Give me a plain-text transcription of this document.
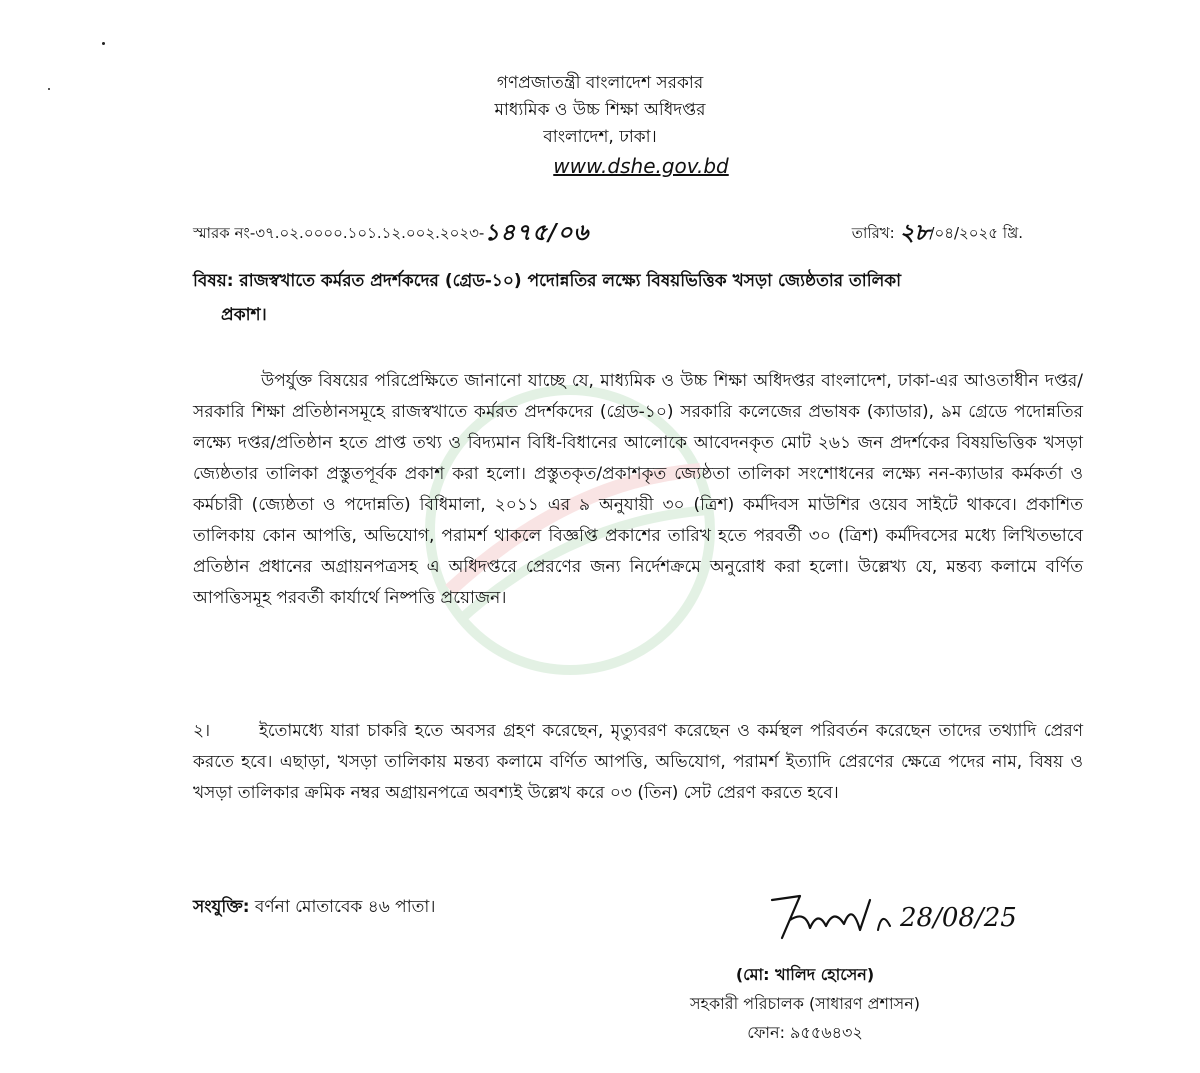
গণপ্রজাতন্ত্রী বাংলাদেশ সরকার
মাধ্যমিক ও উচ্চ শিক্ষা অধিদপ্তর
বাংলাদেশ, ঢাকা।
www.dshe.gov.bd
স্মারক নং-৩৭.০২.০০০০.১০১.১২.০০২.২০২৩-১৪৭৫/০৬	তারিখ: ২৮/০৪/২০২৫ খ্রি.
বিষয়: রাজস্বখাতে কর্মরত প্রদর্শকদের (গ্রেড-১০) পদোন্নতির লক্ষ্যে বিষয়ভিত্তিক খসড়া জ্যেষ্ঠতার তালিকা
প্রকাশ।
উপর্যুক্ত বিষয়ের পরিপ্রেক্ষিতে জানানো যাচ্ছে যে, মাধ্যমিক ও উচ্চ শিক্ষা অধিদপ্তর বাংলাদেশ, ঢাকা-এর আওতাধীন দপ্তর/সরকারি শিক্ষা প্রতিষ্ঠানসমূহে রাজস্বখাতে কর্মরত প্রদর্শকদের (গ্রেড-১০) সরকারি কলেজের প্রভাষক (ক্যাডার), ৯ম গ্রেডে পদোন্নতির লক্ষ্যে দপ্তর/প্রতিষ্ঠান হতে প্রাপ্ত তথ্য ও বিদ্যমান বিধি-বিধানের আলোকে আবেদনকৃত মোট ২৬১ জন প্রদর্শকের বিষয়ভিত্তিক খসড়া জ্যেষ্ঠতার তালিকা প্রস্তুতপূর্বক প্রকাশ করা হলো। প্রস্তুতকৃত/প্রকাশকৃত জ্যেষ্ঠতা তালিকা সংশোধনের লক্ষ্যে নন-ক্যাডার কর্মকর্তা ও কর্মচারী (জ্যেষ্ঠতা ও পদোন্নতি) বিধিমালা, ২০১১ এর ৯ অনুযায়ী ৩০ (ত্রিশ) কর্মদিবস মাউশির ওয়েব সাইটে থাকবে। প্রকাশিত তালিকায় কোন আপত্তি, অভিযোগ, পরামর্শ থাকলে বিজ্ঞপ্তি প্রকাশের তারিখ হতে পরবর্তী ৩০ (ত্রিশ) কর্মদিবসের মধ্যে লিখিতভাবে প্রতিষ্ঠান প্রধানের অগ্রায়নপত্রসহ এ অধিদপ্তরে প্রেরণের জন্য নির্দেশক্রমে অনুরোধ করা হলো। উল্লেখ্য যে, মন্তব্য কলামে বর্ণিত আপত্তিসমূহ পরবর্তী কার্যার্থে নিষ্পত্তি প্রয়োজন।
২।	ইতোমধ্যে যারা চাকরি হতে অবসর গ্রহণ করেছেন, মৃত্যুবরণ করেছেন ও কর্মস্থল পরিবর্তন করেছেন তাদের তথ্যাদি প্রেরণ করতে হবে। এছাড়া, খসড়া তালিকায় মন্তব্য কলামে বর্ণিত আপত্তি, অভিযোগ, পরামর্শ ইত্যাদি প্রেরণের ক্ষেত্রে পদের নাম, বিষয় ও খসড়া তালিকার ক্রমিক নম্বর অগ্রায়নপত্রে অবশ্যই উল্লেখ করে ০৩ (তিন) সেট প্রেরণ করতে হবে।
সংযুক্তি: বর্ণনা মোতাবেক ৪৬ পাতা।	28/08/25
(মো: খালিদ হোসেন)
সহকারী পরিচালক (সাধারণ প্রশাসন)
ফোন: ৯৫৫৬৪৩২
